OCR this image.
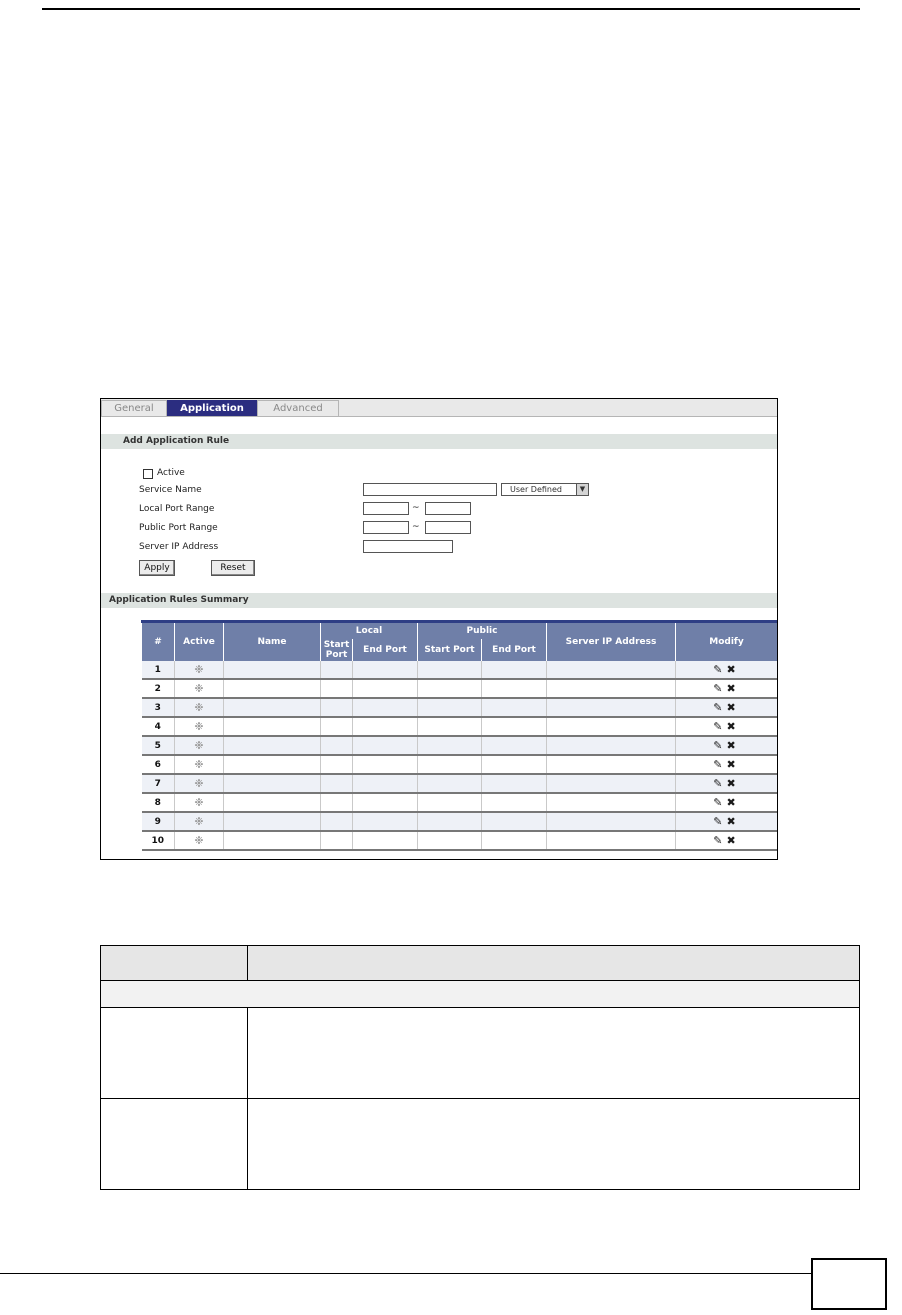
General	Application	Advanced
Add Application Rule
Active
Service Name	User Defined	▼
Local Port Range	~
Public Port Range	~
Server IP Address
Apply	Reset
Application Rules Summary
#	Active	Name	Local		Public		Server IP Address	Modify
			Start Port	End Port	Start Port	End Port		
1	❉							✎✖
2	❉							✎✖
3	❉							✎✖
4	❉							✎✖
5	❉							✎✖
6	❉							✎✖
7	❉							✎✖
8	❉							✎✖
9	❉							✎✖
10	❉							✎✖
